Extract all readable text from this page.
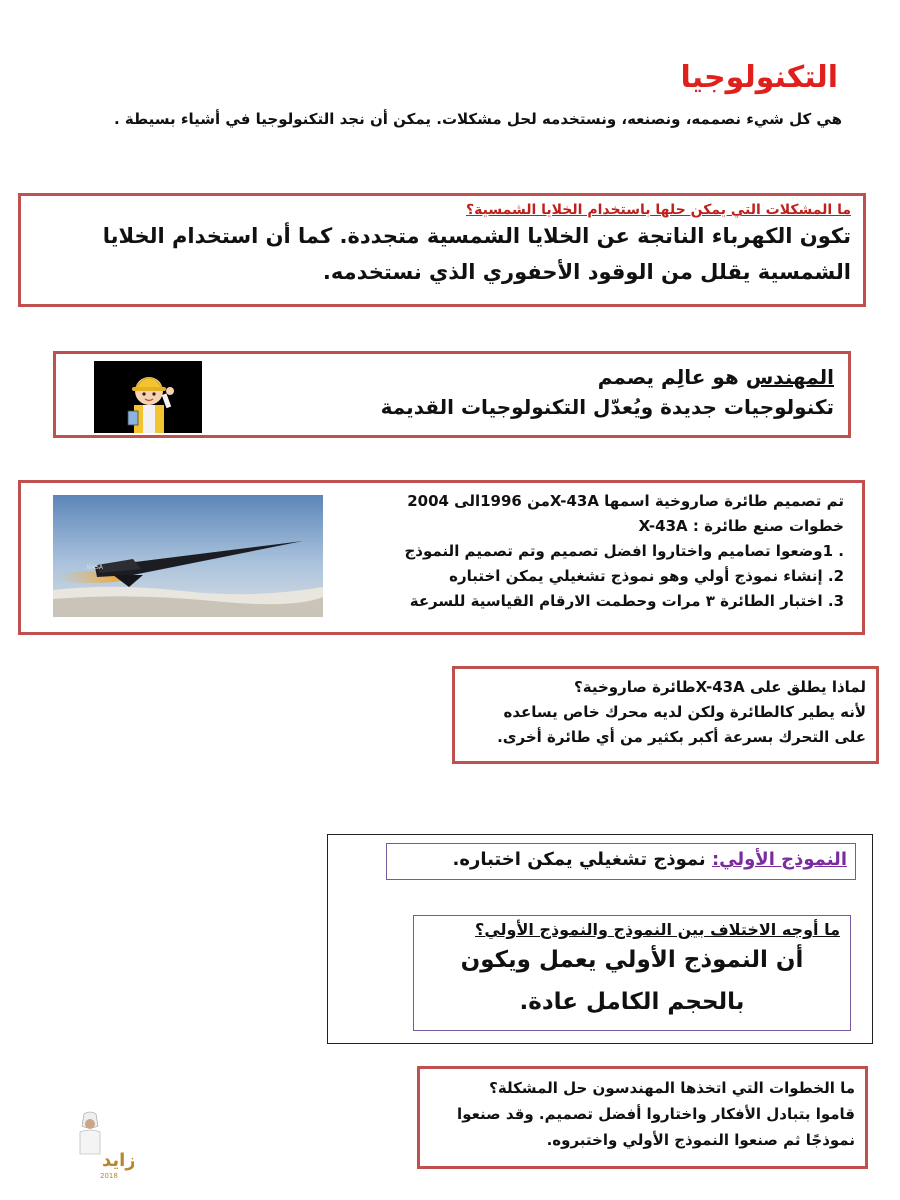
التكنولوجيا
هي كل شيء نصممه، ونصنعه، ونستخدمه لحل مشكلات. يمكن أن نجد التكنولوجيا في أشياء بسيطة .
ما المشكلات التي يمكن حلها باستخدام الخلايا الشمسية؟
تكون الكهرباء الناتجة عن الخلايا الشمسية متجددة. كما أن استخدام الخلايا الشمسية يقلل من الوقود الأحفوري الذي نستخدمه.
المهندس هو عالِم يصمم
تكنولوجيات جديدة ويُعدّل التكنولوجيات القديمة
تم تصميم طائرة صاروخية اسمها X-43Aمن 1996الى 2004
خطوات صنع طائرة : X-43A
. 1وضعوا تصاميم واختاروا افضل تصميم وتم تصميم النموذج
2. إنشاء نموذج أولي وهو نموذج تشغيلي يمكن اختباره
3. اختبار الطائرة ٣ مرات وحطمت الارقام القياسية للسرعة
NASA
لماذا يطلق على X-43Aطائرة صاروخية؟
لأنه يطير كالطائرة ولكن لديه محرك خاص يساعده
على التحرك بسرعة أكبر بكثير من أي طائرة أخرى.
النموذج الأولي: نموذج تشغيلي يمكن اختباره.
ما أوجه الاختلاف بين النموذج والنموذج الأولي؟
أن النموذج الأولي يعمل ويكون بالحجم الكامل عادة.
ما الخطوات التي اتخذها المهندسون حل المشكلة؟
قاموا بتبادل الأفكار واختاروا أفضل تصميم. وقد صنعوا
نموذجًا ثم صنعوا النموذج الأولي واختبروه.
زايد
2018
